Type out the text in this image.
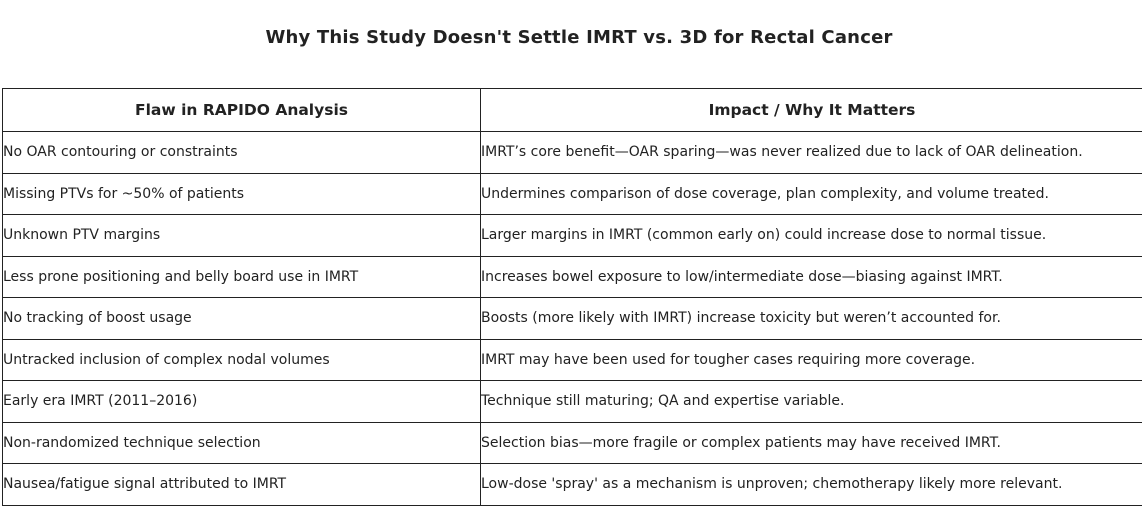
Why This Study Doesn't Settle IMRT vs. 3D for Rectal Cancer
Flaw in RAPIDO Analysis	Impact / Why It Matters
No OAR contouring or constraints	IMRT’s core benefit—OAR sparing—was never realized due to lack of OAR delineation.
Missing PTVs for ~50% of patients	Undermines comparison of dose coverage, plan complexity, and volume treated.
Unknown PTV margins	Larger margins in IMRT (common early on) could increase dose to normal tissue.
Less prone positioning and belly board use in IMRT	Increases bowel exposure to low/intermediate dose—biasing against IMRT.
No tracking of boost usage	Boosts (more likely with IMRT) increase toxicity but weren’t accounted for.
Untracked inclusion of complex nodal volumes	IMRT may have been used for tougher cases requiring more coverage.
Early era IMRT (2011–2016)	Technique still maturing; QA and expertise variable.
Non-randomized technique selection	Selection bias—more fragile or complex patients may have received IMRT.
Nausea/fatigue signal attributed to IMRT	Low-dose 'spray' as a mechanism is unproven; chemotherapy likely more relevant.
